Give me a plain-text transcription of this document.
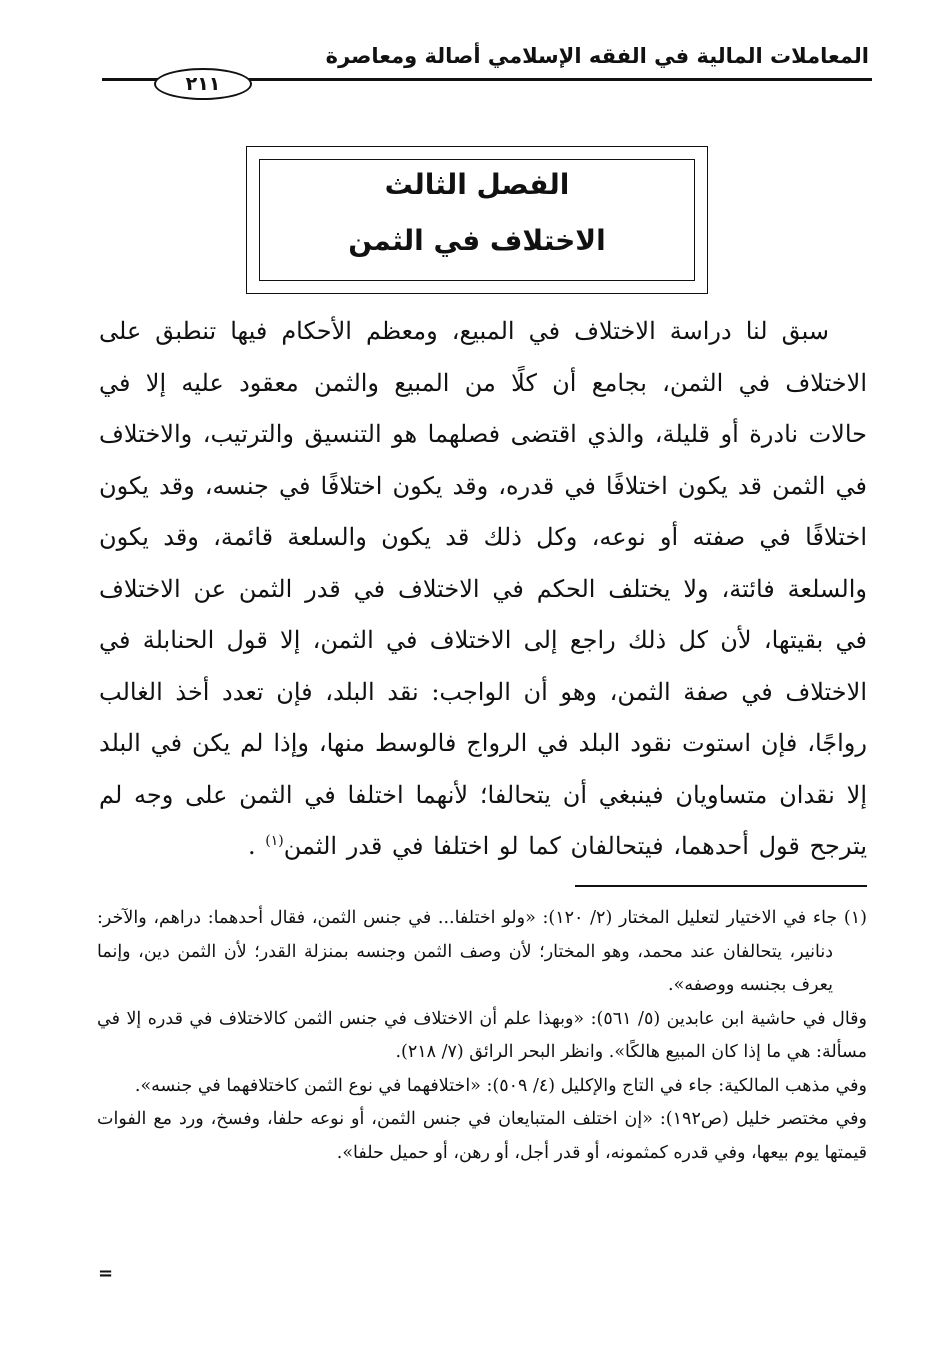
المعاملات المالية في الفقه الإسلامي أصالة ومعاصرة
٢١١
الفصل الثالث
الاختلاف في الثمن

سبق لنا دراسة الاختلاف في المبيع، ومعظم الأحكام فيها تنطبق على الاختلاف في الثمن، بجامع أن كلًا من المبيع والثمن معقود عليه إلا في حالات نادرة أو قليلة، والذي اقتضى فصلهما هو التنسيق والترتيب، والاختلاف في الثمن قد يكون اختلافًا في قدره، وقد يكون اختلافًا في جنسه، وقد يكون اختلافًا في صفته أو نوعه، وكل ذلك قد يكون والسلعة قائمة، وقد يكون والسلعة فائتة، ولا يختلف الحكم في الاختلاف في قدر الثمن عن الاختلاف في بقيتها، لأن كل ذلك راجع إلى الاختلاف في الثمن، إلا قول الحنابلة في الاختلاف في صفة الثمن، وهو أن الواجب: نقد البلد، فإن تعدد أخذ الغالب رواجًا، فإن استوت نقود البلد في الرواج فالوسط منها، وإذا لم يكن في البلد إلا نقدان متساويان فينبغي أن يتحالفا؛ لأنهما اختلفا في الثمن على وجه لم يترجح قول أحدهما، فيتحالفان كما لو اختلفا في قدر الثمن$^{(١)}$ .

(١) جاء في الاختيار لتعليل المختار (٢/ ١٢٠): «ولو اختلفا... في جنس الثمن، فقال أحدهما: دراهم، والآخر: دنانير، يتحالفان عند محمد، وهو المختار؛ لأن وصف الثمن وجنسه بمنزلة القدر؛ لأن الثمن دين، وإنما يعرف بجنسه ووصفه».

وقال في حاشية ابن عابدين (٥/ ٥٦١): «وبهذا علم أن الاختلاف في جنس الثمن كالاختلاف في قدره إلا في مسألة: هي ما إذا كان المبيع هالكًا». وانظر البحر الرائق (٧/ ٢١٨).

وفي مذهب المالكية: جاء في التاج والإكليل (٤/ ٥٠٩): «اختلافهما في نوع الثمن كاختلافهما في جنسه».

وفي مختصر خليل (ص١٩٢): «إن اختلف المتبايعان في جنس الثمن، أو نوعه حلفا، وفسخ، ورد مع الفوات قيمتها يوم بيعها، وفي قدره كمثمونه، أو قدر أجل، أو رهن، أو حميل حلفا».

=
